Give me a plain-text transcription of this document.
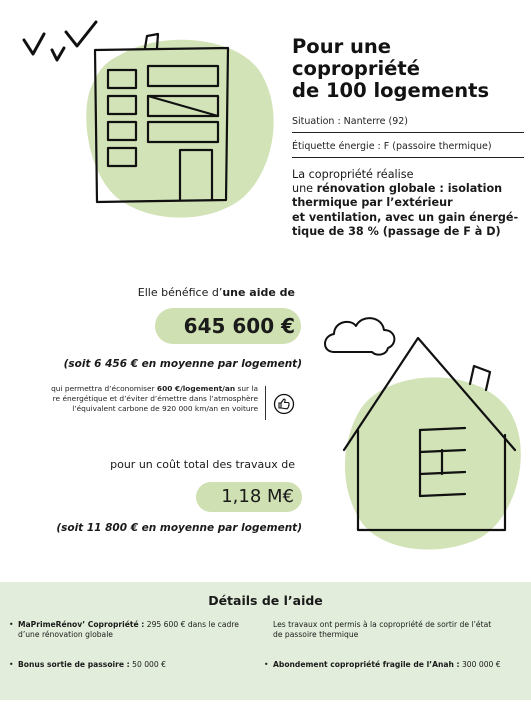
Pour une
copropriété
de 100 logements
Situation : Nanterre (92)
Étiquette énergie : F (passoire thermique)
La copropriété réalise
une rénovation globale : isolation
thermique par l’extérieur
et ventilation, avec un gain énergé-
tique de 38 % (passage de F à D)
Elle bénéfice d’une aide de
645 600 €
(soit 6 456 € en moyenne par logement)
qui permettra d’économiser 600 €/logement/an sur la
re énergétique et d’éviter d’émettre dans l’atmosphère
l’équivalent carbone de 920 000 km/an en voiture
pour un coût total des travaux de
1,18 M€
(soit 11 800 € en moyenne par logement)
Détails de l’aide
• MaPrimeRénov’ Copropriété : 295 600 € dans le cadre d’une rénovation globale
• Bonus sortie de passoire : 50 000 €
Les travaux ont permis à la copropriété de sortir de l’état de passoire thermique
• Abondement copropriété fragile de l’Anah : 300 000 €
